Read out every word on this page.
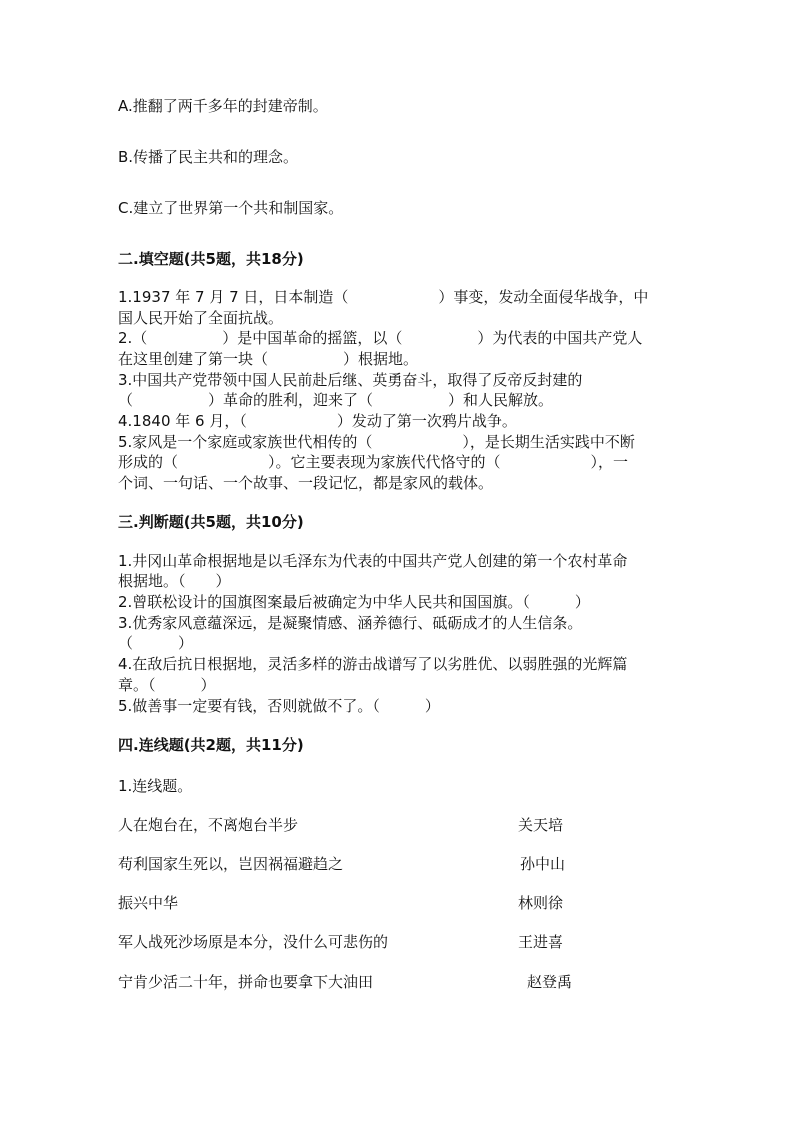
A.推翻了两千多年的封建帝制。
B.传播了民主共和的理念。
C.建立了世界第一个共和制国家。
二.填空题(共5题，共18分)
1.1937 年 7 月 7 日，日本制造（　　　　　　）事变，发动全面侵华战争，中
国人民开始了全面抗战。
2.（　　　　　）是中国革命的摇篮，以（　　　　　）为代表的中国共产党人
在这里创建了第一块（　　　　　）根据地。
3.中国共产党带领中国人民前赴后继、英勇奋斗，取得了反帝反封建的
（　　　　　）革命的胜利，迎来了（　　　　　）和人民解放。
4.1840 年 6 月，（　　　　　　）发动了第一次鸦片战争。
5.家风是一个家庭或家族世代相传的（　　　　　　），是长期生活实践中不断
形成的（　　　　　　）。它主要表现为家族代代恪守的（　　　　　　），一
个词、一句话、一个故事、一段记忆，都是家风的载体。
三.判断题(共5题，共10分)
1.井冈山革命根据地是以毛泽东为代表的中国共产党人创建的第一个农村革命
根据地。（　　）
2.曾联松设计的国旗图案最后被确定为中华人民共和国国旗。（　　　）
3.优秀家风意蕴深远，是凝聚情感、涵养德行、砥砺成才的人生信条。
（　　　）
4.在敌后抗日根据地，灵活多样的游击战谱写了以劣胜优、以弱胜强的光辉篇
章。（　　　）
5.做善事一定要有钱，否则就做不了。（　　　）
四.连线题(共2题，共11分)
1.连线题。
人在炮台在，不离炮台半步	关天培
苟利国家生死以，岂因祸福避趋之	孙中山
振兴中华	林则徐
军人战死沙场原是本分，没什么可悲伤的	王进喜
宁肯少活二十年，拼命也要拿下大油田	赵登禹
